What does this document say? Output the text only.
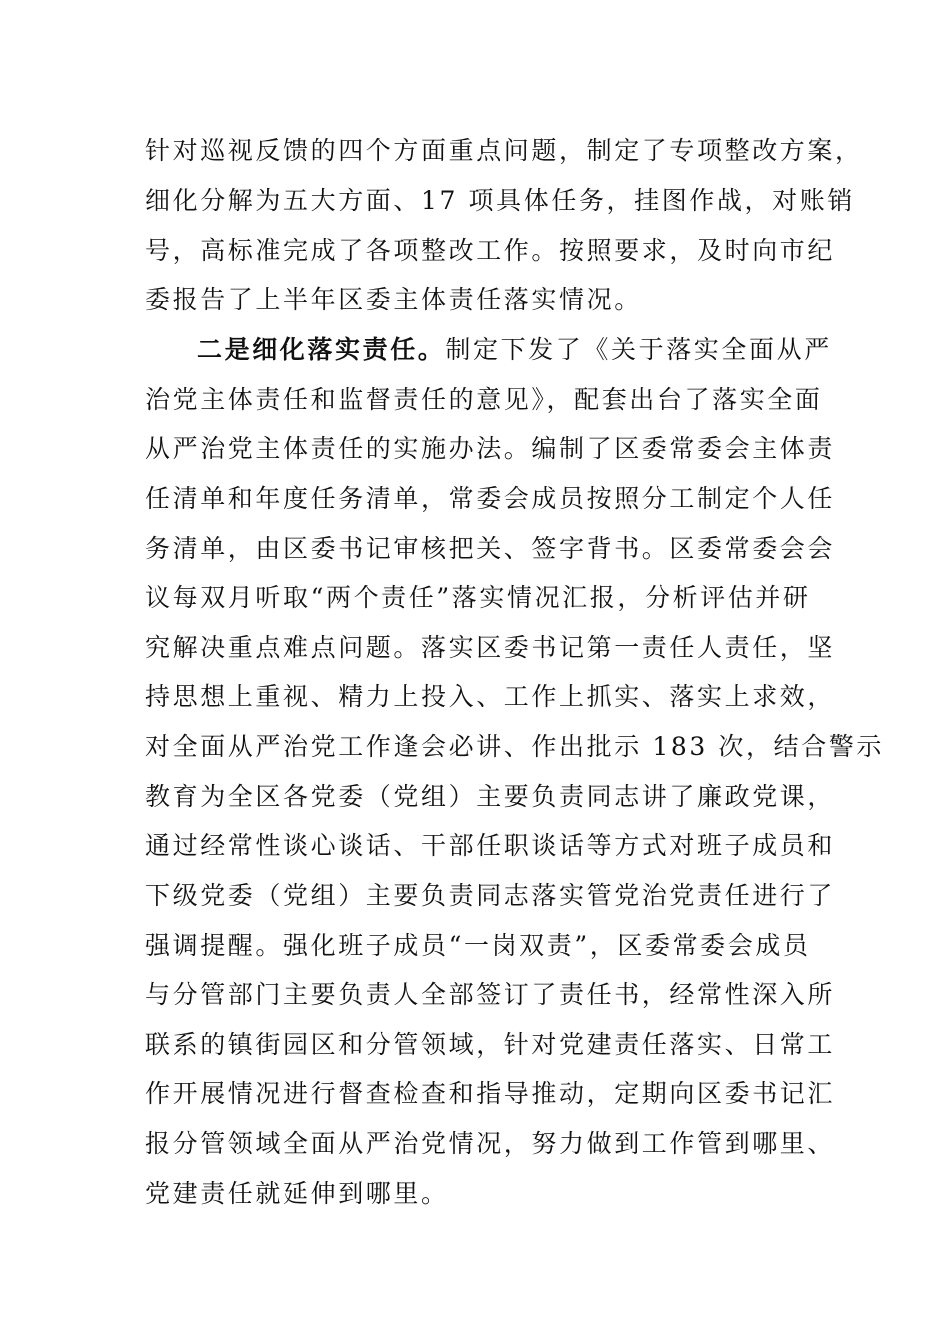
针对巡视反馈的四个方面重点问题，制定了专项整改方案，
细化分解为五大方面、17 项具体任务，挂图作战，对账销
号，高标准完成了各项整改工作。按照要求，及时向市纪
委报告了上半年区委主体责任落实情况。
二是细化落实责任。制定下发了《关于落实全面从严
治党主体责任和监督责任的意见》，配套出台了落实全面
从严治党主体责任的实施办法。编制了区委常委会主体责
任清单和年度任务清单，常委会成员按照分工制定个人任
务清单，由区委书记审核把关、签字背书。区委常委会会
议每双月听取“两个责任”落实情况汇报，分析评估并研
究解决重点难点问题。落实区委书记第一责任人责任，坚
持思想上重视、精力上投入、工作上抓实、落实上求效，
对全面从严治党工作逢会必讲、作出批示 183 次，结合警示
教育为全区各党委（党组）主要负责同志讲了廉政党课，
通过经常性谈心谈话、干部任职谈话等方式对班子成员和
下级党委（党组）主要负责同志落实管党治党责任进行了
强调提醒。强化班子成员“一岗双责”，区委常委会成员
与分管部门主要负责人全部签订了责任书，经常性深入所
联系的镇街园区和分管领域，针对党建责任落实、日常工
作开展情况进行督查检查和指导推动，定期向区委书记汇
报分管领域全面从严治党情况，努力做到工作管到哪里、
党建责任就延伸到哪里。
